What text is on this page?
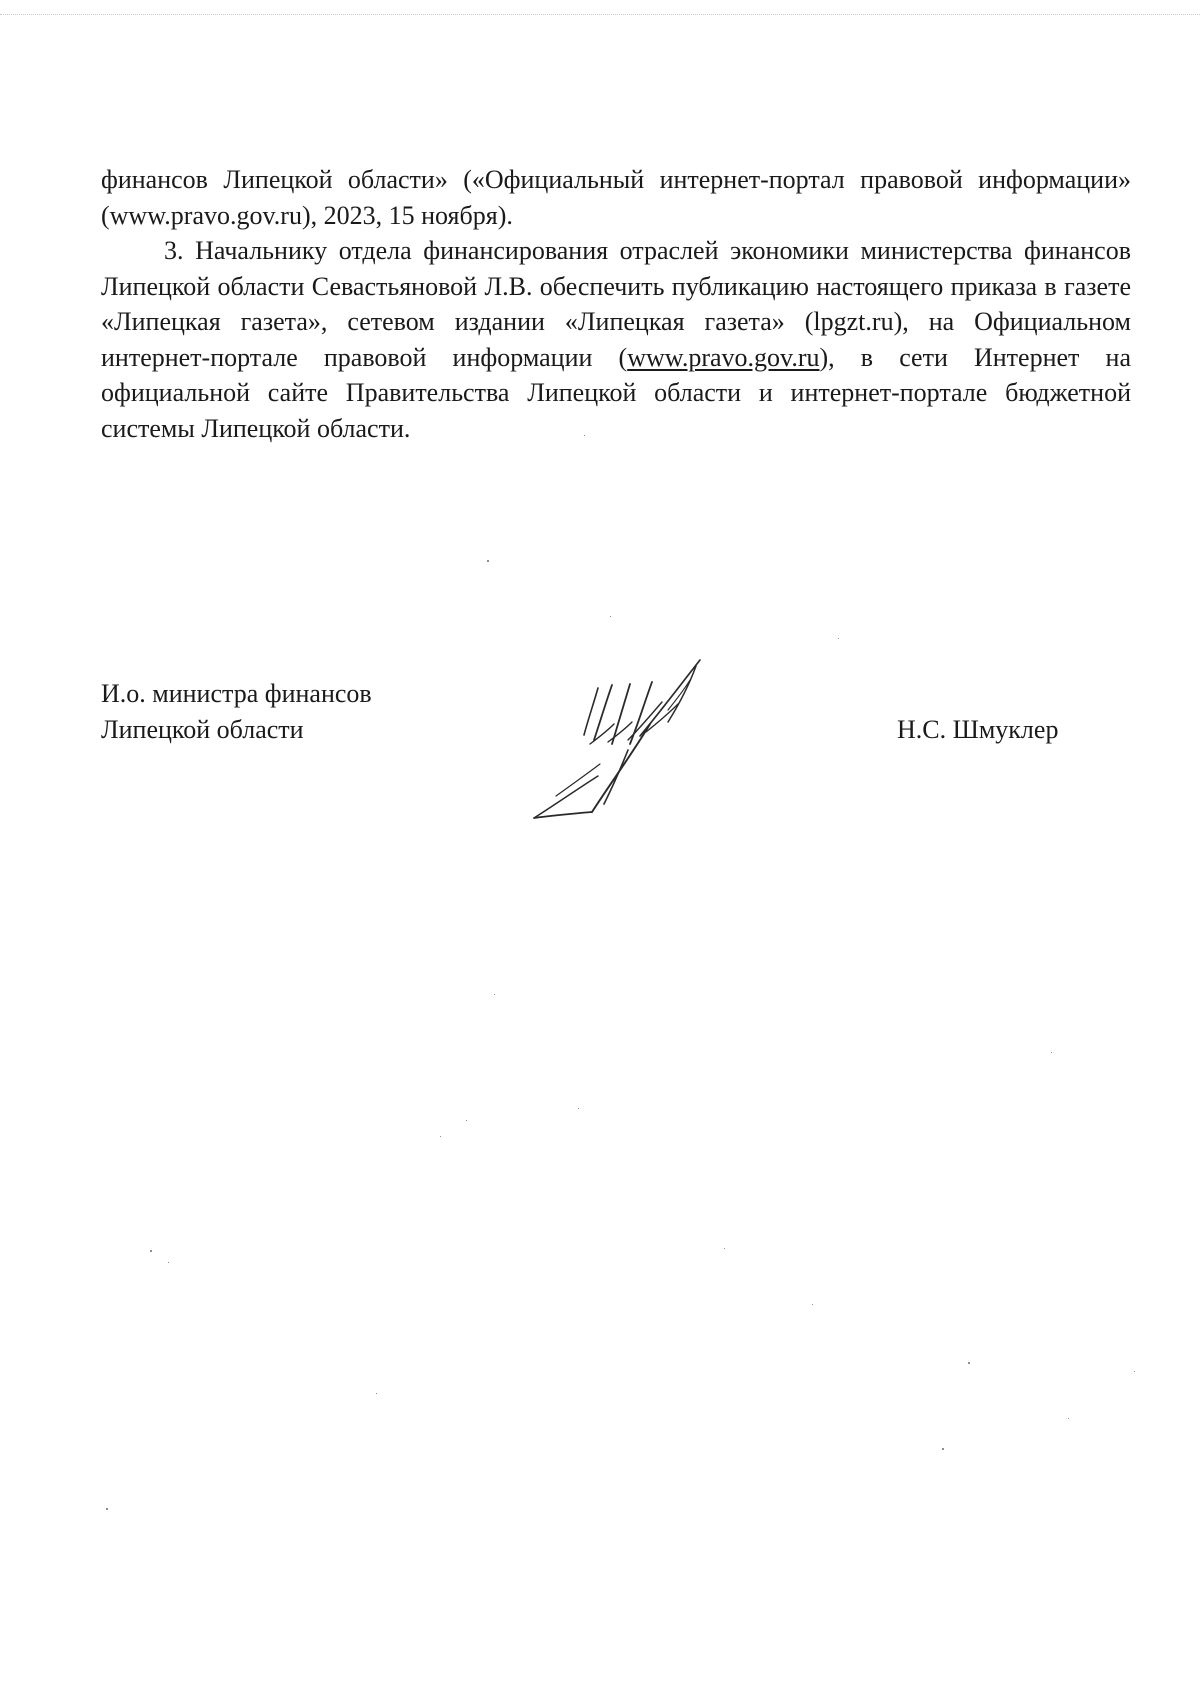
финансов Липецкой области» («Официальный интернет-портал правовой информации» (www.pravo.gov.ru), 2023, 15 ноября).

3. Начальнику отдела финансирования отраслей экономики министерства финансов Липецкой области Севастьяновой Л.В. обеспечить публикацию настоящего приказа в газете «Липецкая газета», сетевом издании «Липецкая газета» (lpgzt.ru), на Официальном интернет-портале правовой информации (www.pravo.gov.ru), в сети Интернет на официальной сайте Правительства Липецкой области и интернет-портале бюджетной системы Липецкой области.

И.о. министра финансов
Липецкой области	Н.С. Шмуклер
